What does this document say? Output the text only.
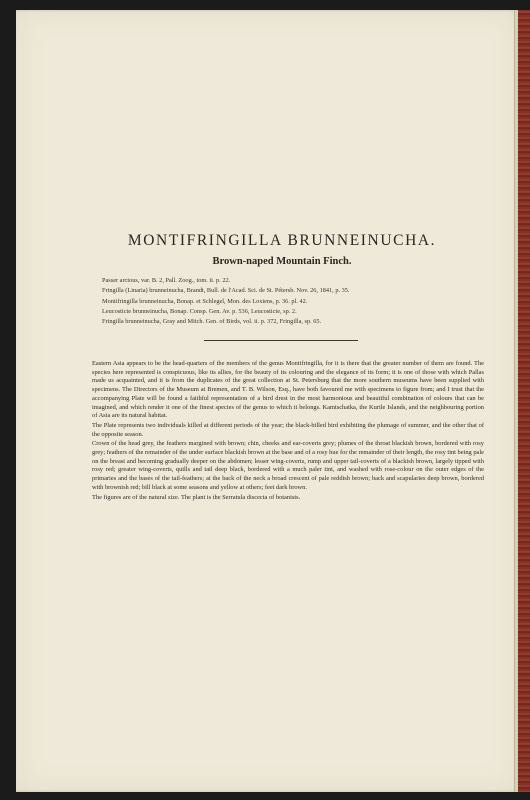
MONTIFRINGILLA BRUNNEINUCHA.
Brown-naped Mountain Finch.
Passer arctous, var. B. 2, Pall. Zoog., tom. ii. p. 22.
Fringilla (Linaria) brunneinucha, Brandt, Bull. de l'Acad. Sci. de St. Pétersb. Nov. 26, 1841, p. 35.
Montifringilla brunneinucha, Bonap. et Schlegel, Mon. des Loxiens, p. 36. pl. 42.
Leucosticte brunneinucha, Bonap. Consp. Gen. Av. p. 536, Leucosticte, sp. 2.
Fringilla brunneinucha, Gray and Mitch. Gen. of Birds, vol. ii. p. 372, Fringilla, sp. 65.

Eastern Asia appears to be the head-quarters of the members of the genus Montifringilla, for it is there that the greater number of them are found. The species here represented is conspicuous, like its allies, for the beauty of its colouring and the elegance of its form; it is one of those with which Pallas made us acquainted, and it is from the duplicates of the great collection at St. Petersburg that the more southern museums have been supplied with specimens. The Directors of the Museum at Bremen, and T. B. Wilson, Esq., have both favoured me with specimens to figure from; and I trust that the accompanying Plate will be found a faithful representation of a bird drest in the most harmonious and beautiful combination of colours that can be imagined, and which render it one of the finest species of the genus to which it belongs. Kamtschatka, the Kurile Islands, and the neighbouring portion of Asia are its natural habitat.

The Plate represents two individuals killed at different periods of the year; the black-billed bird exhibiting the plumage of summer, and the other that of the opposite season.

Crown of the head grey, the feathers margined with brown; chin, cheeks and ear-coverts grey; plumes of the throat blackish brown, bordered with rosy grey; feathers of the remainder of the under surface blackish brown at the base and of a rosy hue for the remainder of their length, the rosy tint being pale on the breast and becoming gradually deeper on the abdomen; lesser wing-coverts, rump and upper tail-coverts of a blackish brown, largely tipped with rosy red; greater wing-coverts, quills and tail deep black, bordered with a much paler tint, and washed with rose-colour on the outer edges of the primaries and the bases of the tail-feathers; at the back of the neck a broad crescent of pale reddish brown; back and scapularies deep brown, bordered with brownish red; bill black at some seasons and yellow at others; feet dark brown.

The figures are of the natural size. The plant is the Serratula discecta of botanists.
